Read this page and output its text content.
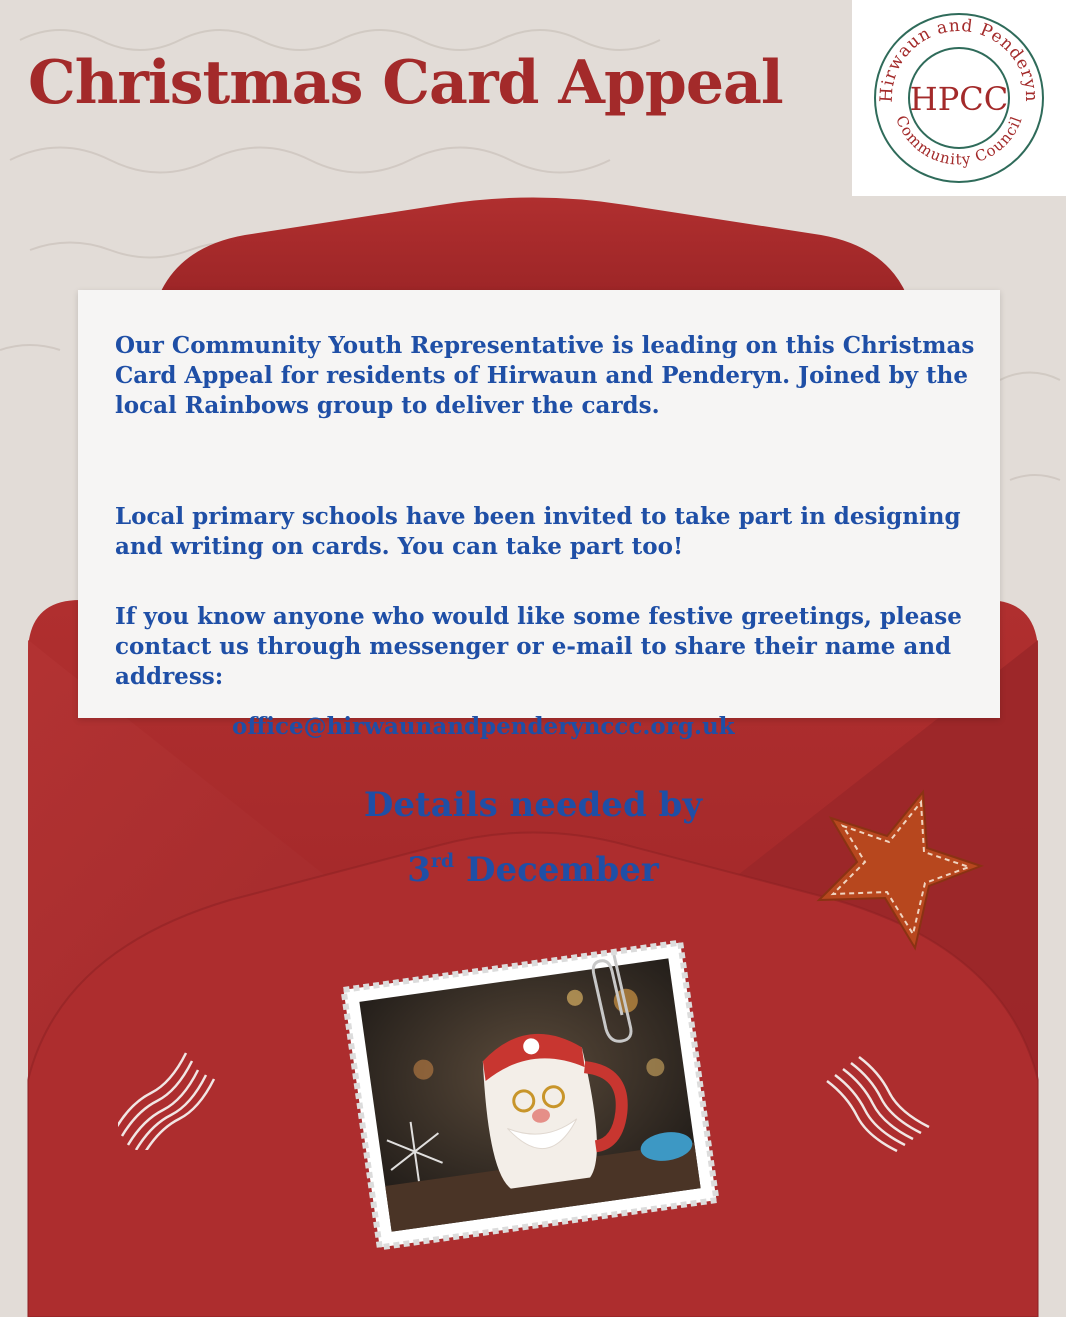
Christmas Card Appeal	Hirwaun and Penderyn
Community Council
HPCC

Our Community Youth Representative is leading on this Christmas Card Appeal for residents of Hirwaun and Penderyn. Joined by the local Rainbows group to deliver the cards.

Local primary schools have been invited to take part in designing and writing on cards. You can take part too!

If you know anyone who would like some festive greetings, please contact us through messenger or e-mail to share their name and address:

office@hirwaunandpenderynccc.org.uk
Details needed by
3rd December
